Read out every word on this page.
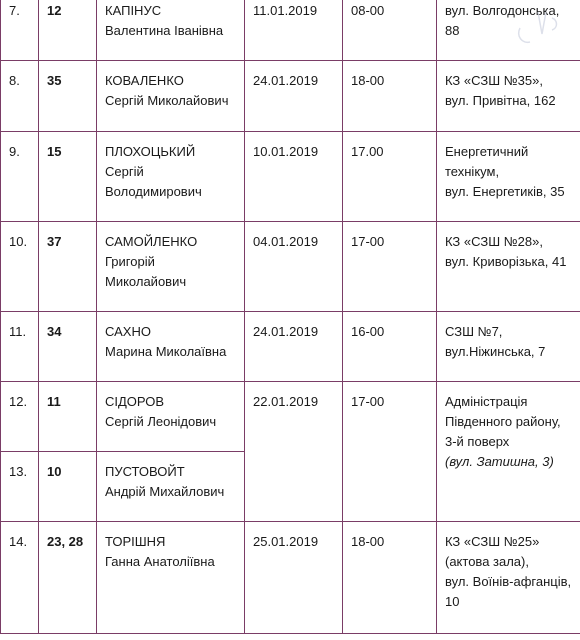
7.	12	КАПІНУС
Валентина Іванівна	11.01.2019	08-00	вул. Волгодонська,
88

8.	35	КОВАЛЕНКО
Сергій Миколайович	24.01.2019	18-00	КЗ «СЗШ №35»,
вул. Привітна, 162

9.	15	ПЛОХОЦЬКИЙ
Сергій
Володимирович	10.01.2019	17.00	Енергетичний
технікум,
вул. Енергетиків, 35

10.	37	САМОЙЛЕНКО
Григорій
Миколайович	04.01.2019	17-00	КЗ «СЗШ №28»,
вул. Криворізька, 41

11.	34	САХНО
Марина Миколаївна	24.01.2019	16-00	СЗШ №7,
вул.Ніжинська, 7

12.	11	СІДОРОВ
Сергій Леонідович	22.01.2019	17-00	Адміністрація
Південного району,
3-й поверх
(вул. Затишна, 3)

13.	10	ПУСТОВОЙТ
Андрій Михайлович			

14.	23, 28	ТОРІШНЯ
Ганна Анатоліївна	25.01.2019	18-00	КЗ «СЗШ №25»
(актова зала),
вул. Воїнів-афганців,
10
